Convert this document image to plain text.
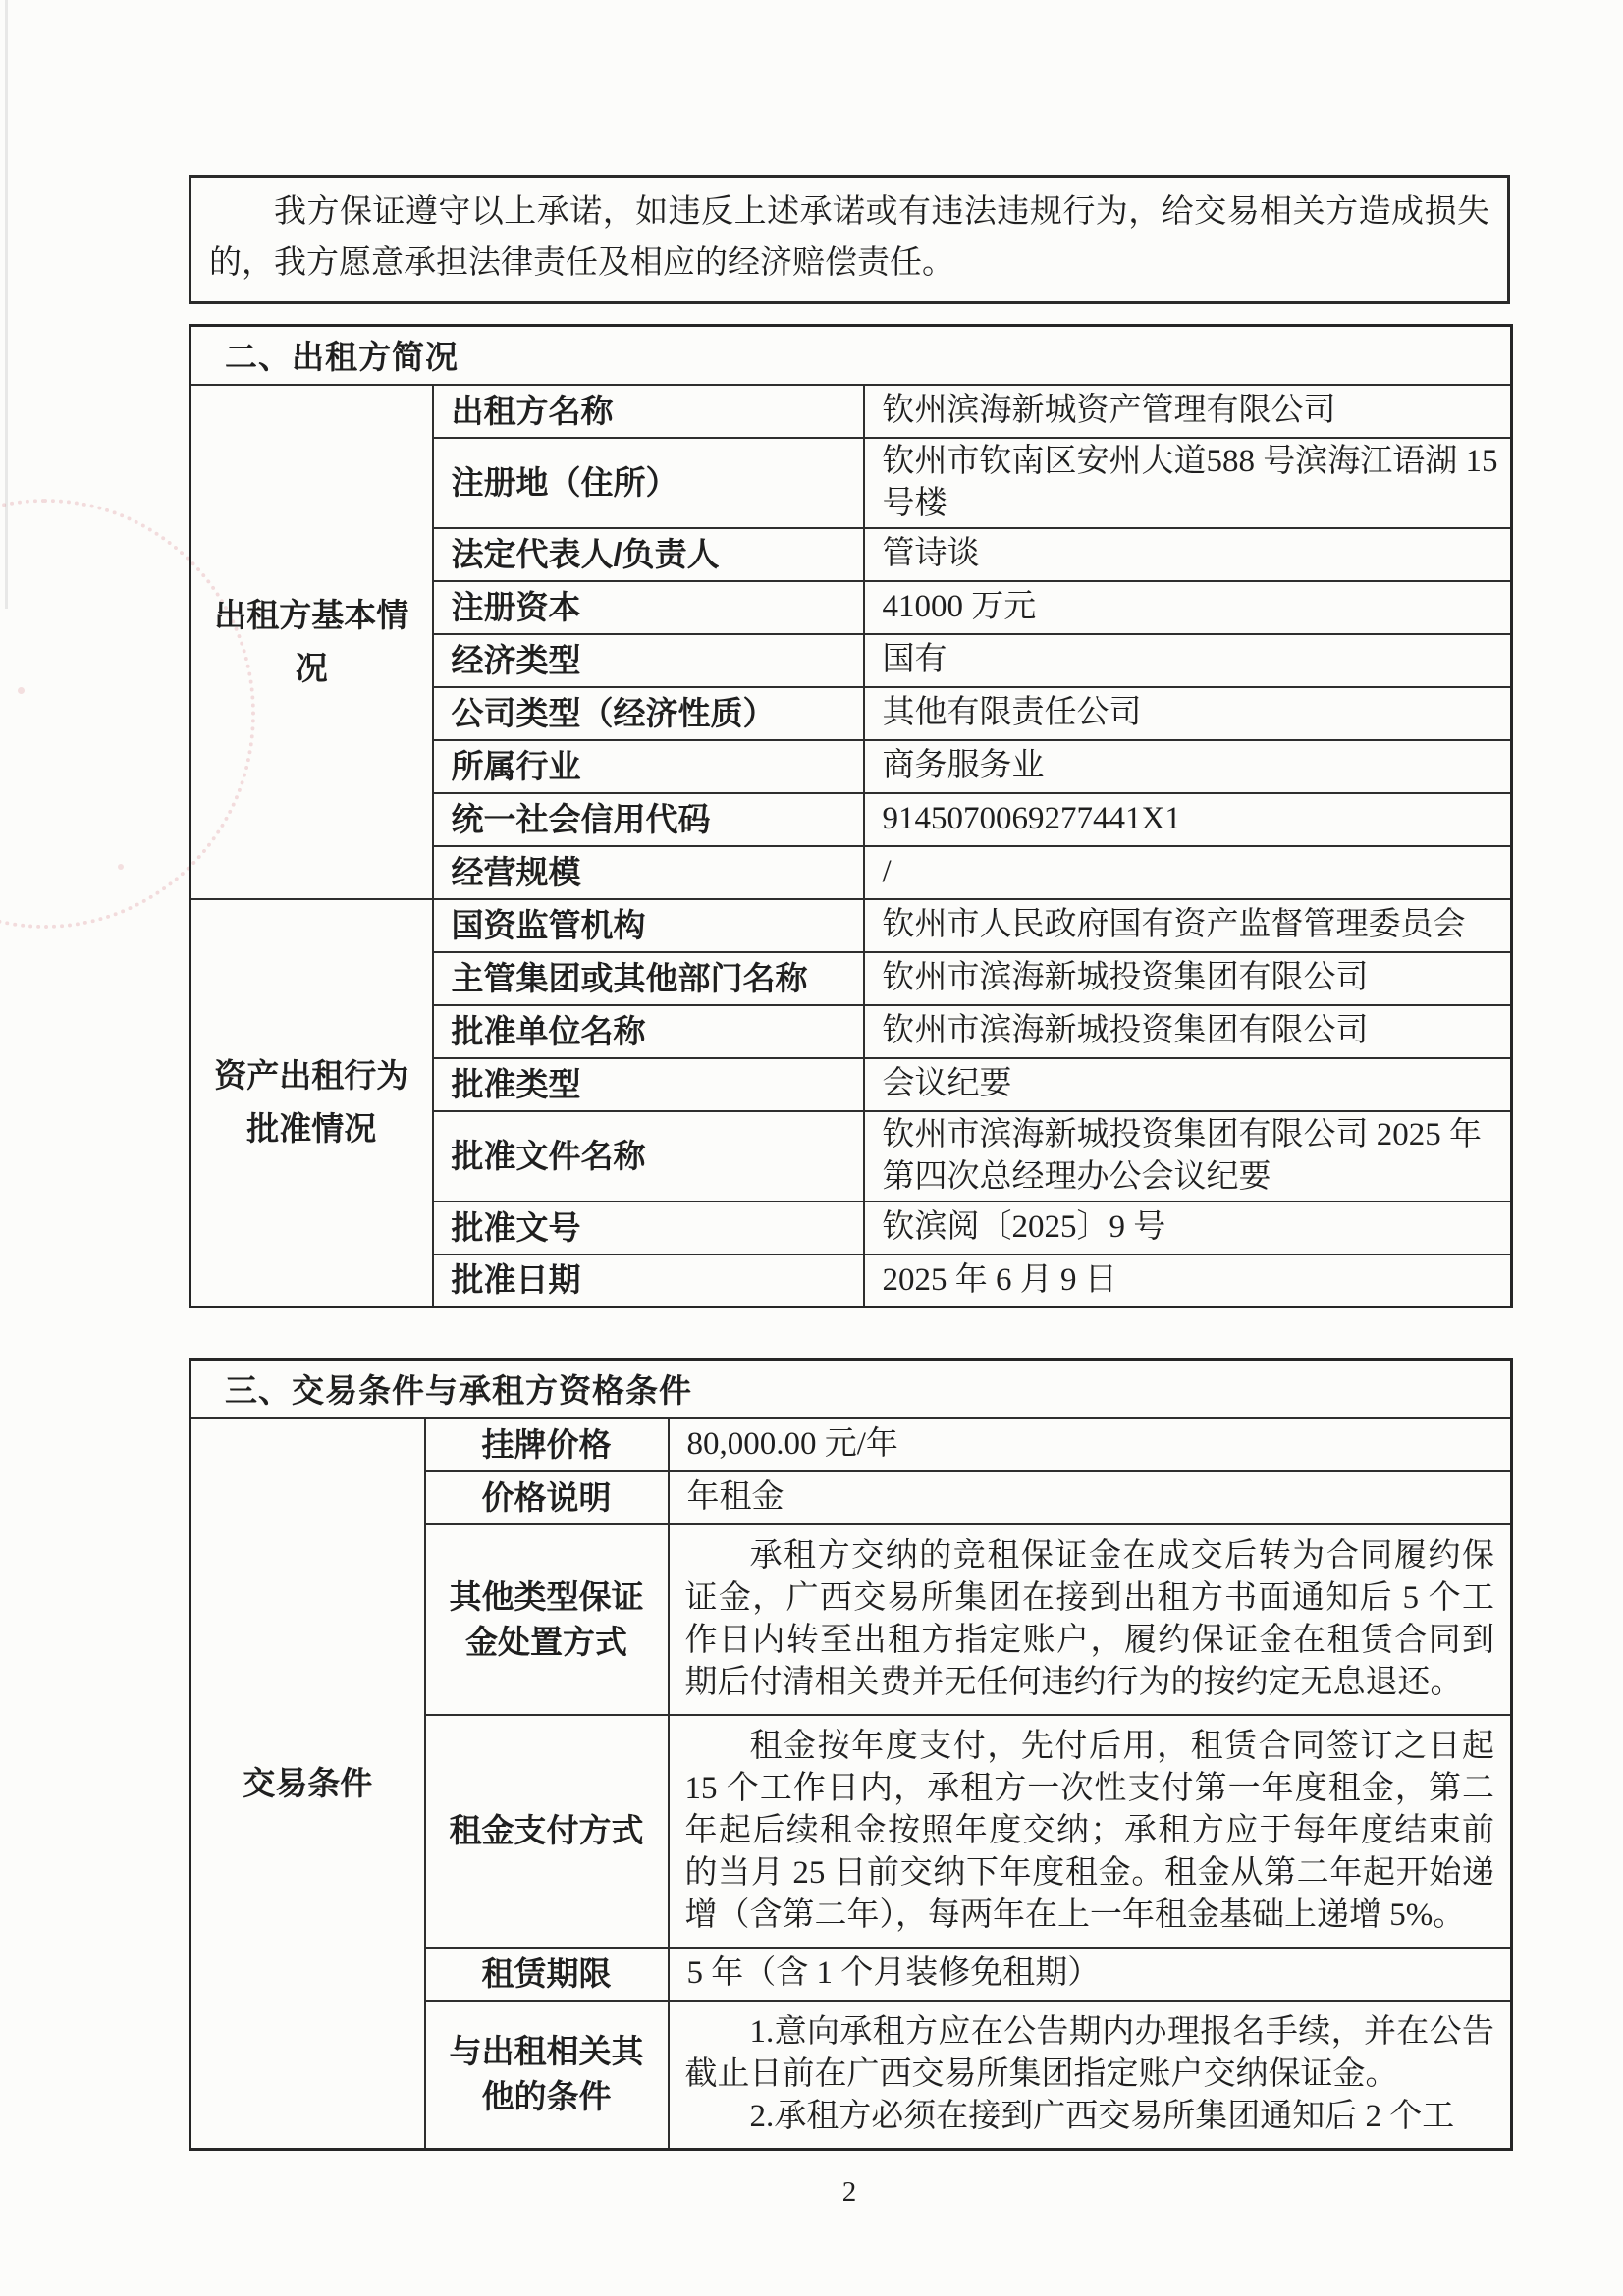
我方保证遵守以上承诺，如违反上述承诺或有违法违规行为，给交易相关方造成损失的，我方愿意承担法律责任及相应的经济赔偿责任。

二、出租方简况		

出租方基本情况	出租方名称	钦州滨海新城资产管理有限公司
	注册地（住所）	钦州市钦南区安州大道588 号滨海江语湖 15 号楼
	法定代表人/负责人	管诗谈
	注册资本	41000 万元
	经济类型	国有
	公司类型（经济性质）	其他有限责任公司
	所属行业	商务服务业
	统一社会信用代码	9145070069277441X1
	经营规模	/

资产出租行为批准情况	国资监管机构	钦州市人民政府国有资产监督管理委员会
	主管集团或其他部门名称	钦州市滨海新城投资集团有限公司
	批准单位名称	钦州市滨海新城投资集团有限公司
	批准类型	会议纪要
	批准文件名称	钦州市滨海新城投资集团有限公司 2025 年第四次总经理办公会议纪要
	批准文号	钦滨阅〔2025〕9 号
	批准日期	2025 年 6 月 9 日
三、交易条件与承租方资格条件		

交易条件	挂牌价格	80,000.00 元/年
	价格说明	年租金

	其他类型保证金处置方式	承租方交纳的竞租保证金在成交后转为合同履约保证金，广西交易所集团在接到出租方书面通知后 5 个工作日内转至出租方指定账户，履约保证金在租赁合同到期后付清相关费并无任何违约行为的按约定无息退还。

	租金支付方式	租金按年度支付，先付后用，租赁合同签订之日起 15 个工作日内，承租方一次性支付第一年度租金，第二年起后续租金按照年度交纳；承租方应于每年度结束前的当月 25 日前交纳下年度租金。租金从第二年起开始递增（含第二年），每两年在上一年租金基础上递增 5%。

	租赁期限	5 年（含 1 个月装修免租期）

	与出租相关其他的条件	1.意向承租方应在公告期内办理报名手续，并在公告截止日前在广西交易所集团指定账户交纳保证金。

2.承租方必须在接到广西交易所集团通知后 2 个工

2
